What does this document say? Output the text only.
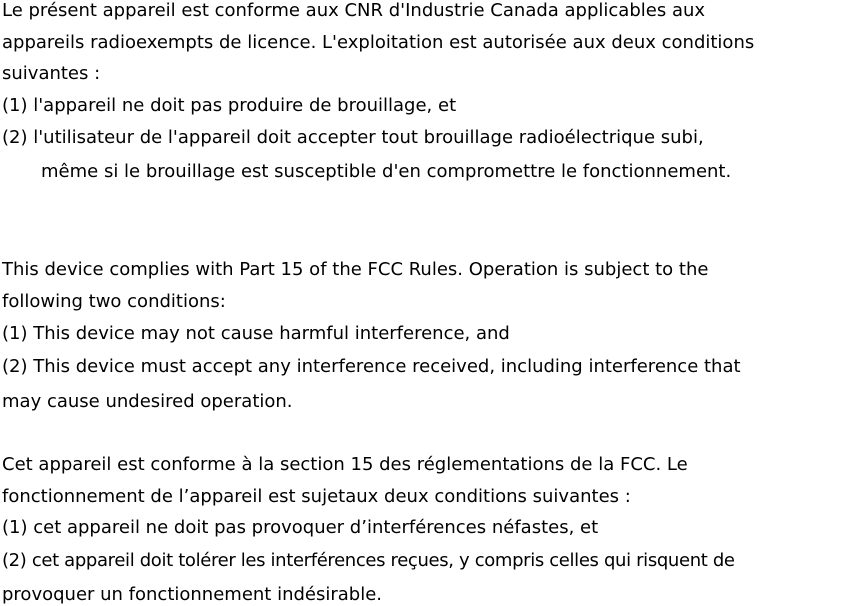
Le présent appareil est conforme aux CNR d'Industrie Canada applicables aux
appareils radioexempts de licence. L'exploitation est autorisée aux deux conditions
suivantes :
(1) l'appareil ne doit pas produire de brouillage, et
(2) l'utilisateur de l'appareil doit accepter tout brouillage radioélectrique subi,
même si le brouillage est susceptible d'en compromettre le fonctionnement.
This device complies with Part 15 of the FCC Rules. Operation is subject to the
following two conditions:
(1) This device may not cause harmful interference, and
(2) This device must accept any interference received, including interference that
may cause undesired operation.
Cet appareil est conforme à la section 15 des réglementations de la FCC. Le
fonctionnement de l’appareil est sujetaux deux conditions suivantes :
(1) cet appareil ne doit pas provoquer d’interférences néfastes, et
(2) cet appareil doit tolérer les interférences reçues, y compris celles qui risquent de
provoquer un fonctionnement indésirable.
